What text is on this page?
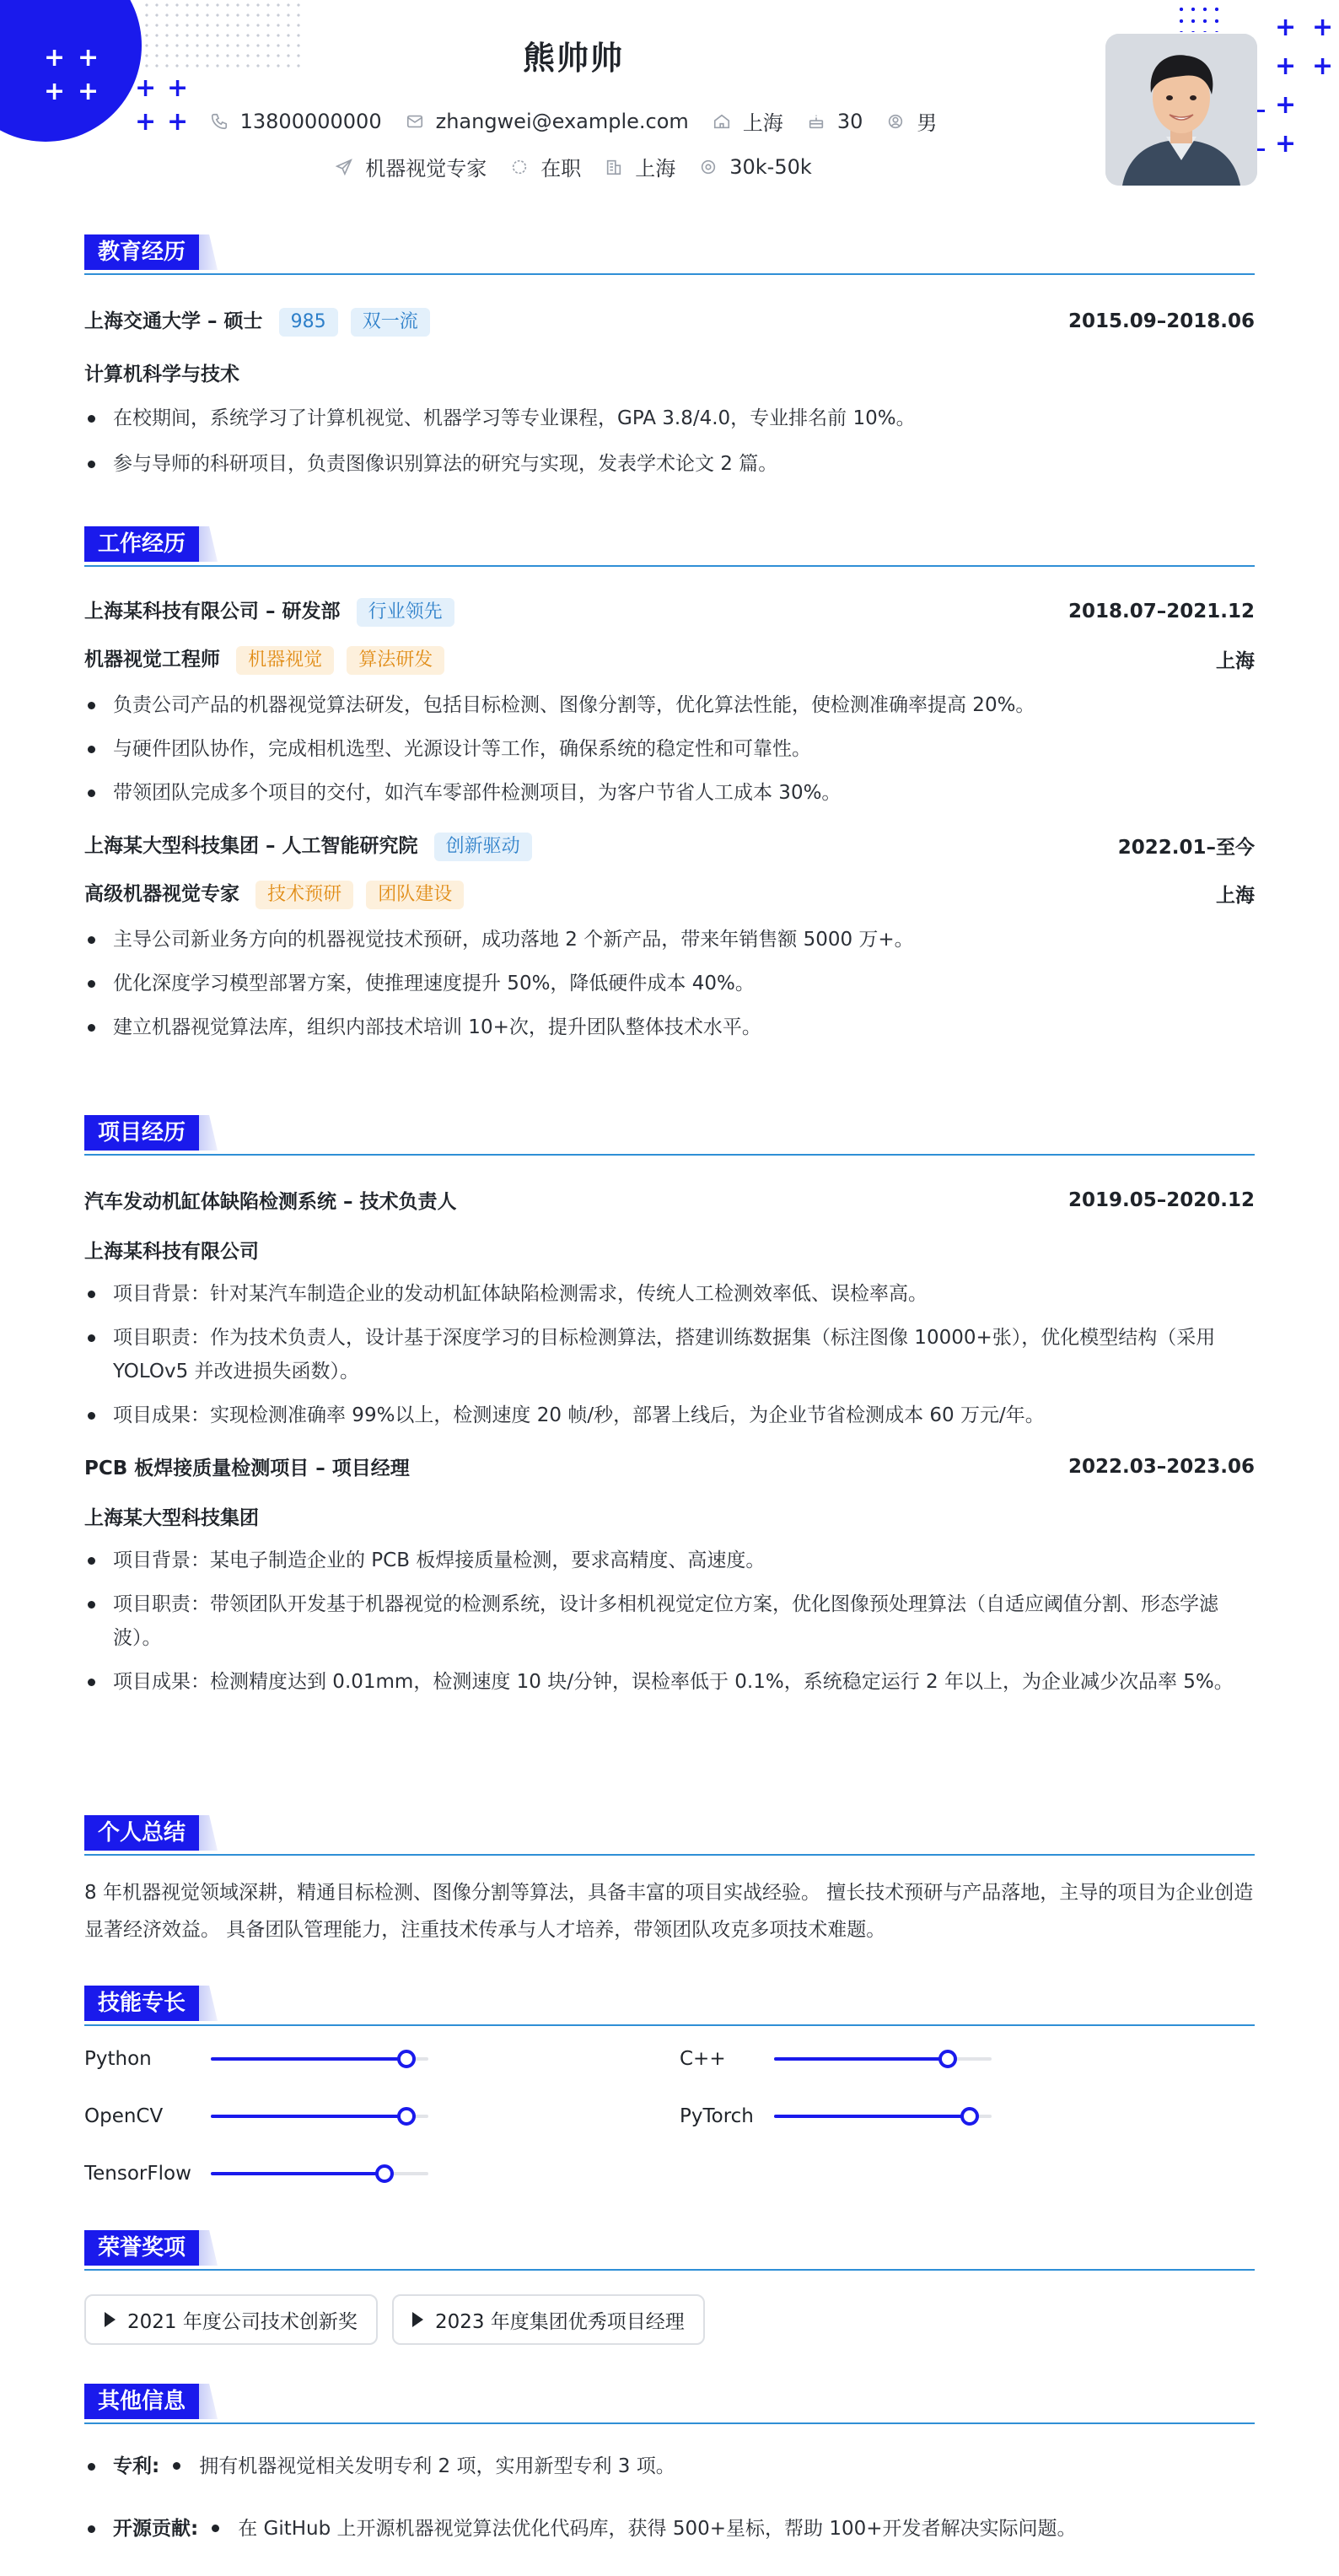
+ +
+ + + +
+ +
+ +
+ +
+
+
熊帅帅
13800000000	zhangwei@example.com	上海	30	男
机器视觉专家	在职	上海	30k-50k
教育经历
上海交通大学 – 硕士 985 双一流	2015.09–2018.06
计算机科学与技术
在校期间，系统学习了计算机视觉、机器学习等专业课程，GPA 3.8/4.0，专业排名前 10%。
参与导师的科研项目，负责图像识别算法的研究与实现，发表学术论文 2 篇。
工作经历
上海某科技有限公司 – 研发部 行业领先	2018.07–2021.12
机器视觉工程师 机器视觉 算法研发	上海
负责公司产品的机器视觉算法研发，包括目标检测、图像分割等，优化算法性能，使检测准确率提高 20%。
与硬件团队协作，完成相机选型、光源设计等工作，确保系统的稳定性和可靠性。
带领团队完成多个项目的交付，如汽车零部件检测项目，为客户节省人工成本 30%。
上海某大型科技集团 – 人工智能研究院 创新驱动	2022.01–至今
高级机器视觉专家 技术预研 团队建设	上海
主导公司新业务方向的机器视觉技术预研，成功落地 2 个新产品，带来年销售额 5000 万+。
优化深度学习模型部署方案，使推理速度提升 50%，降低硬件成本 40%。
建立机器视觉算法库，组织内部技术培训 10+次，提升团队整体技术水平。
项目经历
汽车发动机缸体缺陷检测系统 – 技术负责人	2019.05–2020.12
上海某科技有限公司
项目背景：针对某汽车制造企业的发动机缸体缺陷检测需求，传统人工检测效率低、误检率高。
项目职责：作为技术负责人，设计基于深度学习的目标检测算法，搭建训练数据集（标注图像 10000+张），优化模型结构（采用 YOLOv5 并改进损失函数）。
项目成果：实现检测准确率 99%以上，检测速度 20 帧/秒，部署上线后，为企业节省检测成本 60 万元/年。
PCB 板焊接质量检测项目 – 项目经理	2022.03–2023.06
上海某大型科技集团
项目背景：某电子制造企业的 PCB 板焊接质量检测，要求高精度、高速度。
项目职责：带领团队开发基于机器视觉的检测系统，设计多相机视觉定位方案，优化图像预处理算法（自适应阈值分割、形态学滤波）。
项目成果：检测精度达到 0.01mm，检测速度 10 块/分钟，误检率低于 0.1%，系统稳定运行 2 年以上，为企业减少次品率 5%。
个人总结

8 年机器视觉领域深耕，精通目标检测、图像分割等算法，具备丰富的项目实战经验。 擅长技术预研与产品落地，主导的项目为企业创造显著经济效益。 具备团队管理能力，注重技术传承与人才培养，带领团队攻克多项技术难题。

技能专长
Python	C++
OpenCV	PyTorch
TensorFlow
荣誉奖项
2021 年度公司技术创新奖
	2023 年度集团优秀项目经理
其他信息
专利: 拥有机器视觉相关发明专利 2 项，实用新型专利 3 项。
开源贡献: 在 GitHub 上开源机器视觉算法优化代码库，获得 500+星标，帮助 100+开发者解决实际问题。
